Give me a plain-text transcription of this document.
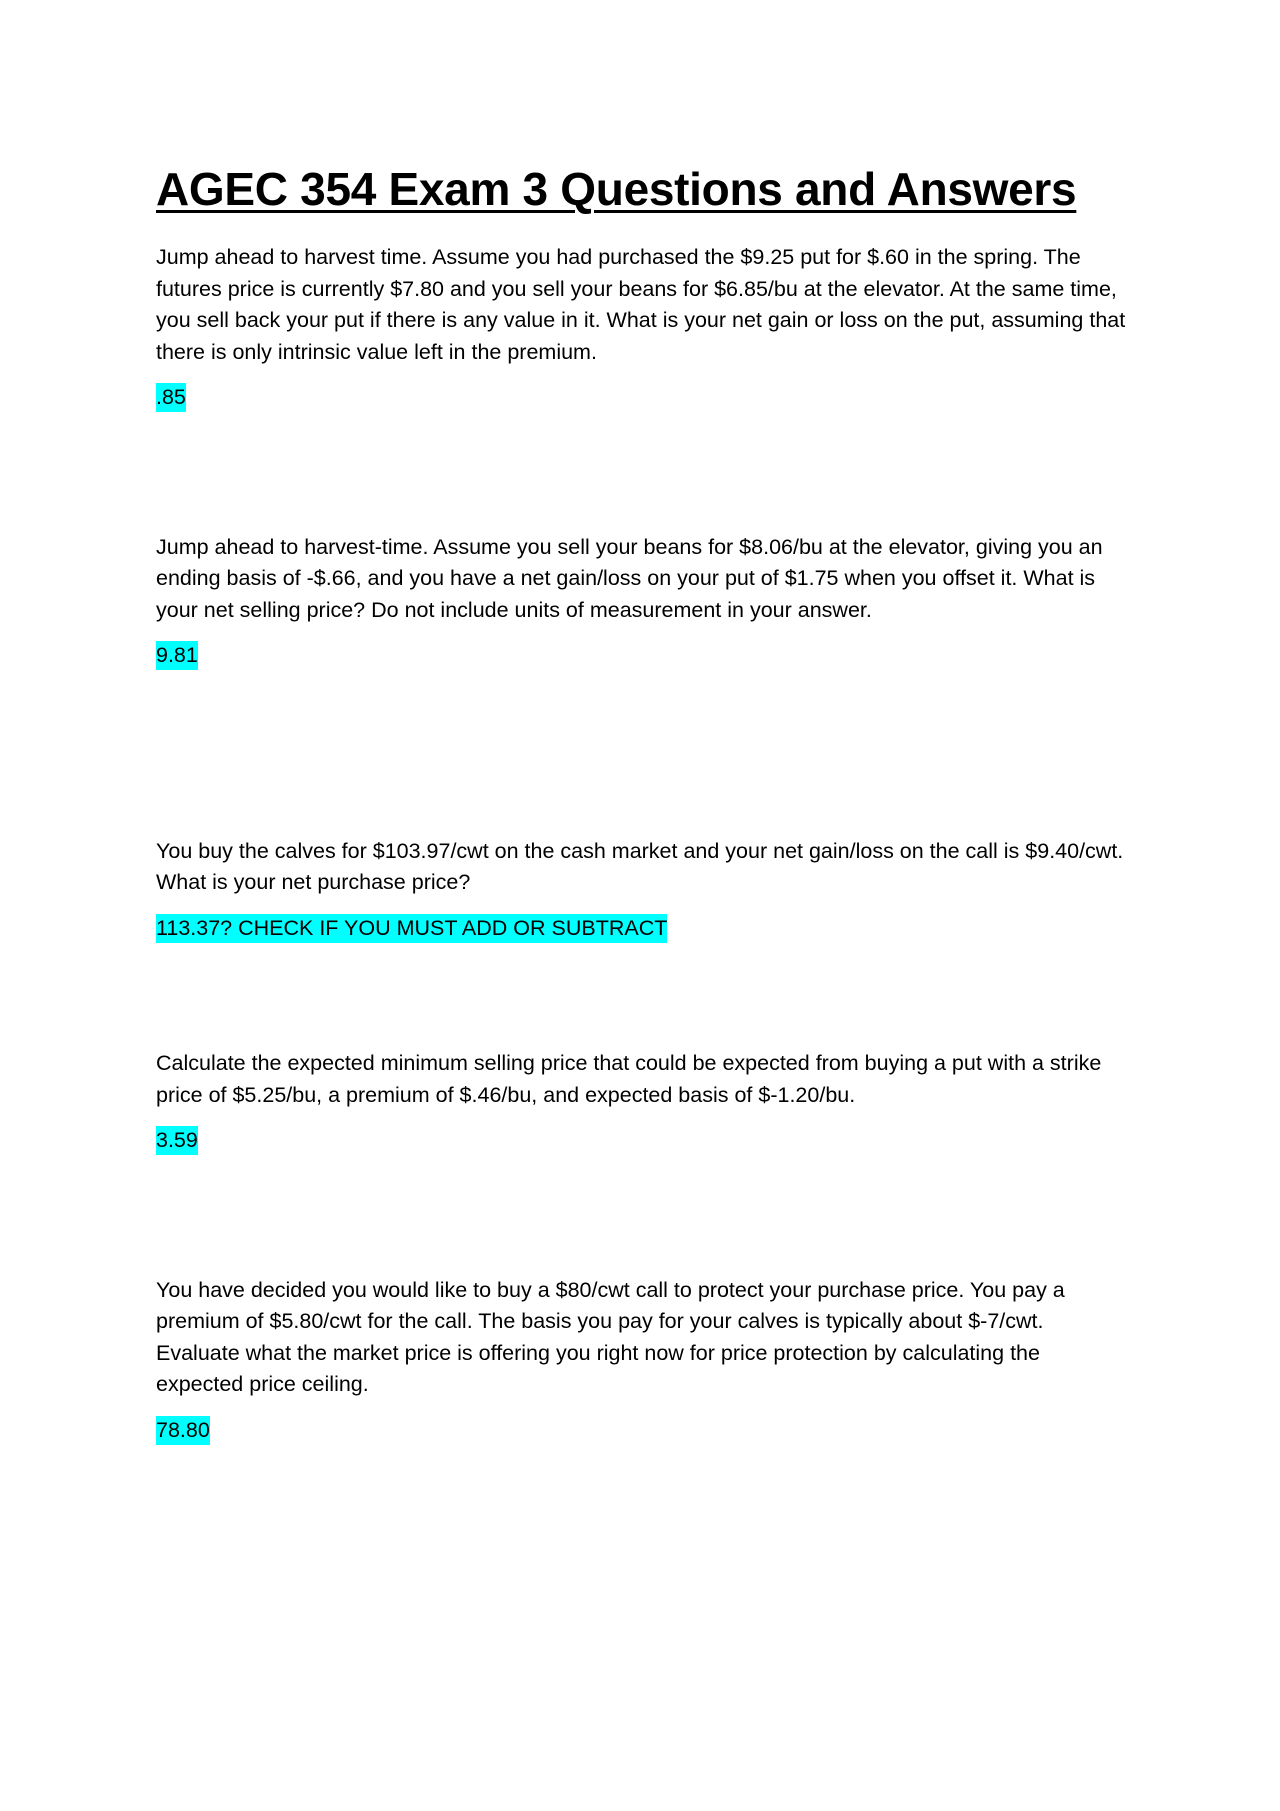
AGEC 354 Exam 3 Questions and Answers

Jump ahead to harvest time. Assume you had purchased the $9.25 put for $.60 in the spring. The futures price is currently $7.80 and you sell your beans for $6.85/bu at the elevator. At the same time, you sell back your put if there is any value in it. What is your net gain or loss on the put, assuming that there is only intrinsic value left in the premium.

.85

Jump ahead to harvest-time. Assume you sell your beans for $8.06/bu at the elevator, giving you an ending basis of -$.66, and you have a net gain/loss on your put of $1.75 when you offset it. What is your net selling price? Do not include units of measurement in your answer.

9.81

You buy the calves for $103.97/cwt on the cash market and your net gain/loss on the call is $9.40/cwt. What is your net purchase price?

113.37? CHECK IF YOU MUST ADD OR SUBTRACT

Calculate the expected minimum selling price that could be expected from buying a put with a strike price of $5.25/bu, a premium of $.46/bu, and expected basis of $-1.20/bu.

3.59

You have decided you would like to buy a $80/cwt call to protect your purchase price. You pay a premium of $5.80/cwt for the call. The basis you pay for your calves is typically about $-7/cwt. Evaluate what the market price is offering you right now for price protection by calculating the expected price ceiling.

78.80
